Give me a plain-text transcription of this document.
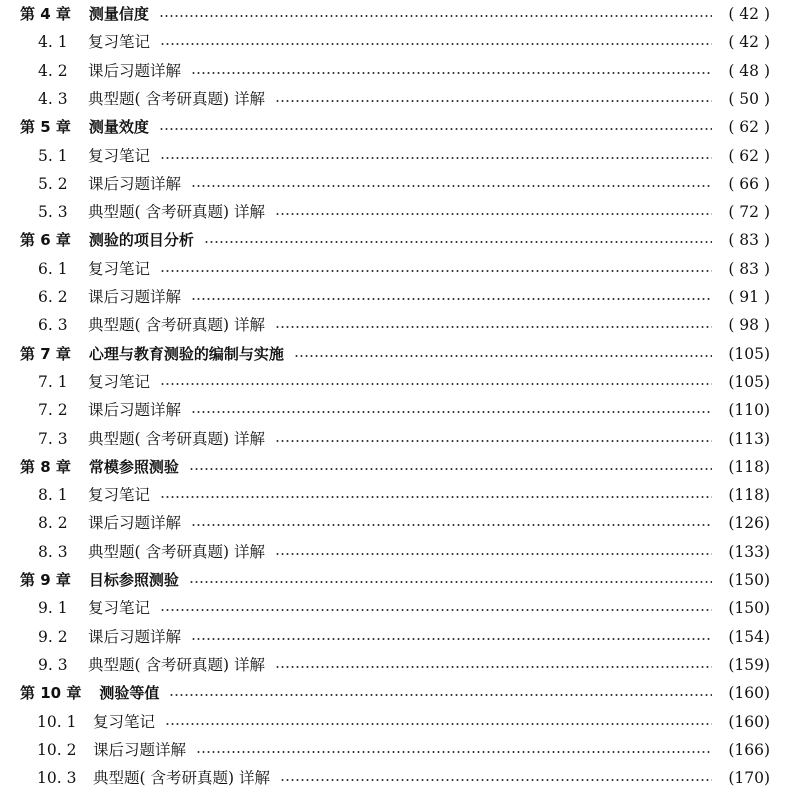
第 4 章 测量信度	( 42 )
4. 1 复习笔记	( 42 )
4. 2 课后习题详解	( 48 )
4. 3 典型题( 含考研真题) 详解	( 50 )
第 5 章 测量效度	( 62 )
5. 1 复习笔记	( 62 )
5. 2 课后习题详解	( 66 )
5. 3 典型题( 含考研真题) 详解	( 72 )
第 6 章 测验的项目分析	( 83 )
6. 1 复习笔记	( 83 )
6. 2 课后习题详解	( 91 )
6. 3 典型题( 含考研真题) 详解	( 98 )
第 7 章 心理与教育测验的编制与实施	(105)
7. 1 复习笔记	(105)
7. 2 课后习题详解	(110)
7. 3 典型题( 含考研真题) 详解	(113)
第 8 章 常模参照测验	(118)
8. 1 复习笔记	(118)
8. 2 课后习题详解	(126)
8. 3 典型题( 含考研真题) 详解	(133)
第 9 章 目标参照测验	(150)
9. 1 复习笔记	(150)
9. 2 课后习题详解	(154)
9. 3 典型题( 含考研真题) 详解	(159)
第 10 章 测验等值	(160)
10. 1 复习笔记	(160)
10. 2 课后习题详解	(166)
10. 3 典型题( 含考研真题) 详解	(170)
